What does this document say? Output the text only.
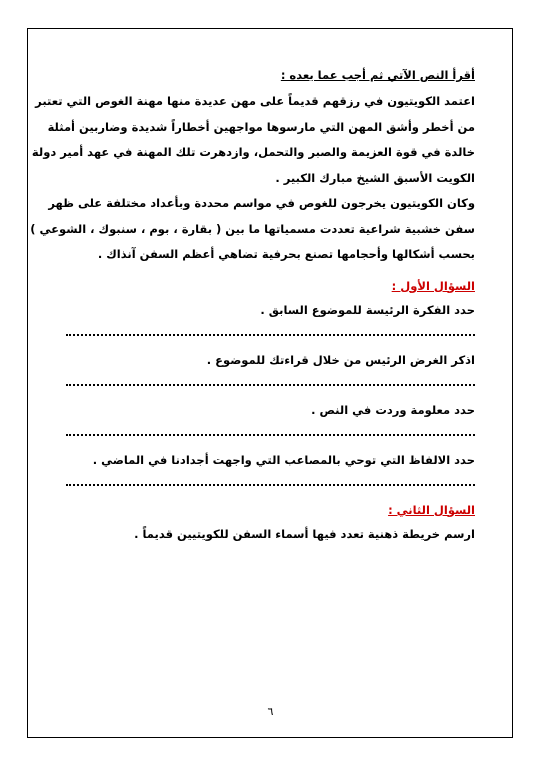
أقرأ النص الآتي ثم أجب عما يعده :

اعتمد الكويتيون في رزقهم قديماً على مهن عديدة منها مهنة الغوص التي تعتبر

من أخطر وأشق المهن التي مارسوها مواجهين أخطاراً شديدة وضاربين أمثلة

خالدة في قوة العزيمة والصبر والتحمل، وازدهرت تلك المهنة في عهد أمير دولة

الكويت الأسبق الشيخ مبارك الكبير .

وكان الكويتيون يخرجون للغوص في مواسم محددة وبأعداد مختلفة على ظهر

سفن خشبية شراعية تعددت مسمياتها ما بين ( بقارة ، بوم ، سنبوك ، الشوعي )

بحسب أشكالها وأحجامها تصنع بحرفية تضاهي أعظم السفن آنذاك .

السؤال الأول :

حدد الفكرة الرئيسة للموضوع السابق .

اذكر الغرض الرئيس من خلال قراءتك للموضوع .

حدد معلومة وردت في النص .

حدد الالفاظ التي توحي بالمصاعب التي واجهت أجدادنا في الماضي .

السؤال الثاني :

ارسم خريطة ذهنية تعدد فيها أسماء السفن للكويتيين قديماً .

٦
